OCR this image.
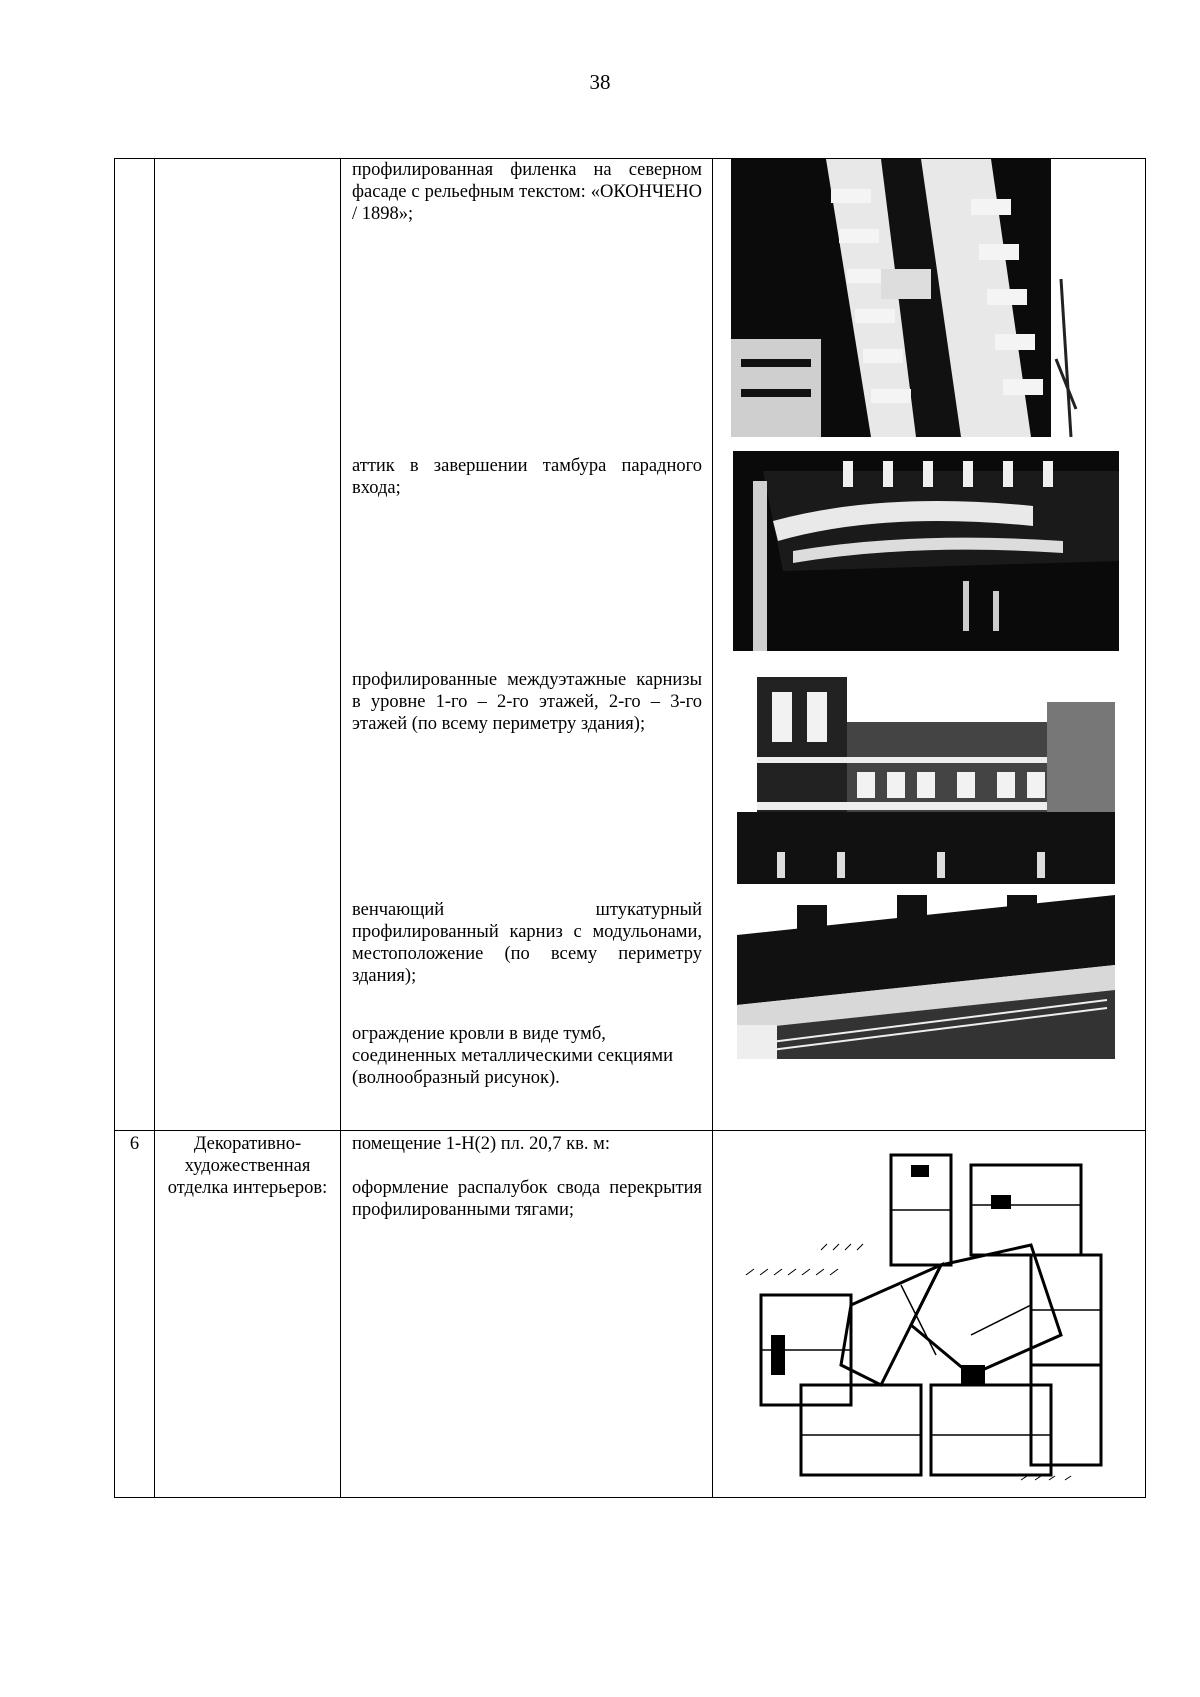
38

		профилированная филенка на северном фасаде с рельефным текстом: «ОКОНЧЕНО / 1898»;

аттик в завершении тамбура парадного входа;

профилированные междуэтажные карнизы в уровне 1-го – 2-го этажей, 2-го – 3-го этажей (по всему периметру здания);

венчающий штукатурный профилированный карниз с модульонами, местоположение (по всему периметру здания);

ограждение кровли в виде тумб, соединенных металлическими секциями (волнообразный рисунок).

6	Декоративно-художественная отделка интерьеров:	помещение 1-Н(2) пл. 20,7 кв. м:

оформление распалубок свода перекрытия профилированными тягами;
